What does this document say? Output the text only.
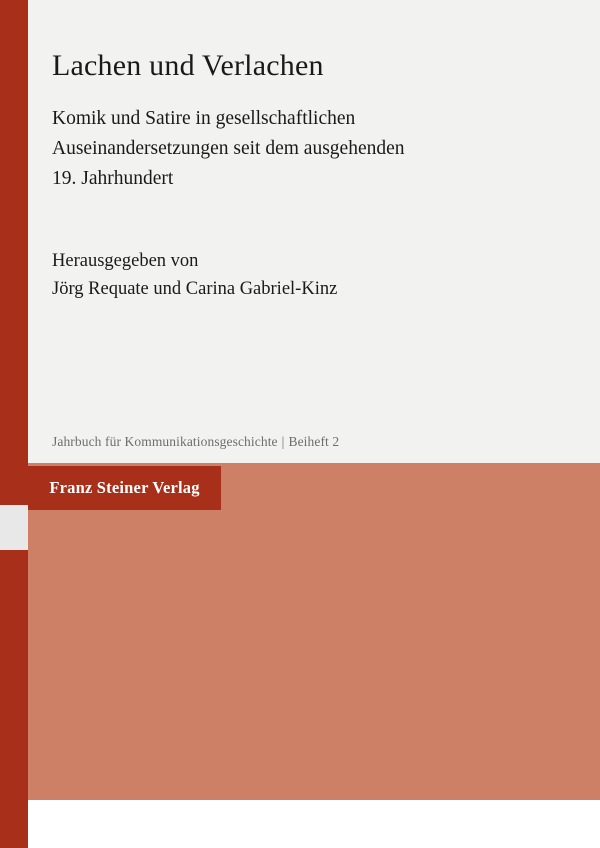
Lachen und Verlachen
Komik und Satire in gesellschaftlichen
Auseinandersetzungen seit dem ausgehenden
19. Jahrhundert
Herausgegeben von
Jörg Requate und Carina Gabriel-Kinz
Jahrbuch für Kommunikationsgeschichte | Beiheft 2
Franz Steiner Verlag
